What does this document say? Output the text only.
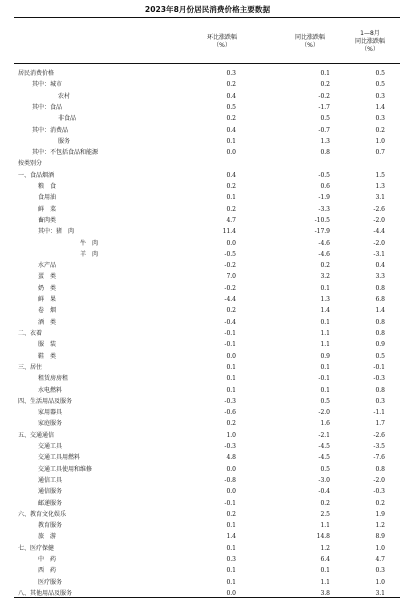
2023年8月份居民消费价格主要数据
环比涨跌幅
（%）
同比涨跌幅
（%）
1—8月
同比涨跌幅
（%）
居民消费价格	0.3	0.1	0.5
其中：城市	0.2	0.2	0.5
农村	0.4	-0.2	0.3
其中：食品	0.5	-1.7	1.4
非食品	0.2	0.5	0.3
其中：消费品	0.4	-0.7	0.2
服务	0.1	1.3	1.0
其中：不包括食品和能源	0.0	0.8	0.7
按类别分
一、食品烟酒	0.4	-0.5	1.5
粮　食	0.2	0.6	1.3
食用油	0.1	-1.9	3.1
鲜　菜	0.2	-3.3	-2.6
畜肉类	4.7	-10.5	-2.0
其中：猪　肉	11.4	-17.9	-4.4
牛　肉	0.0	-4.6	-2.0
羊　肉	-0.5	-4.6	-3.1
水产品	-0.2	0.2	0.4
蛋　类	7.0	3.2	3.3
奶　类	-0.2	0.1	0.8
鲜　果	-4.4	1.3	6.8
卷　烟	0.2	1.4	1.4
酒　类	-0.4	0.1	0.8
二、衣着	-0.1	1.1	0.8
服　装	-0.1	1.1	0.9
鞋　类	0.0	0.9	0.5
三、居住	0.1	0.1	-0.1
租赁房房租	0.1	-0.1	-0.3
水电燃料	0.1	0.1	0.8
四、生活用品及服务	-0.3	0.5	0.3
家用器具	-0.6	-2.0	-1.1
家庭服务	0.2	1.6	1.7
五、交通通信	1.0	-2.1	-2.6
交通工具	-0.3	-4.5	-3.5
交通工具用燃料	4.8	-4.5	-7.6
交通工具使用和维修	0.0	0.5	0.8
通信工具	-0.8	-3.0	-2.0
通信服务	0.0	-0.4	-0.3
邮递服务	-0.1	0.2	0.2
六、教育文化娱乐	0.2	2.5	1.9
教育服务	0.1	1.1	1.2
旅　游	1.4	14.8	8.9
七、医疗保健	0.1	1.2	1.0
中　药	0.3	6.4	4.7
西　药	0.1	0.1	0.3
医疗服务	0.1	1.1	1.0
八、其他用品及服务	0.0	3.8	3.1
